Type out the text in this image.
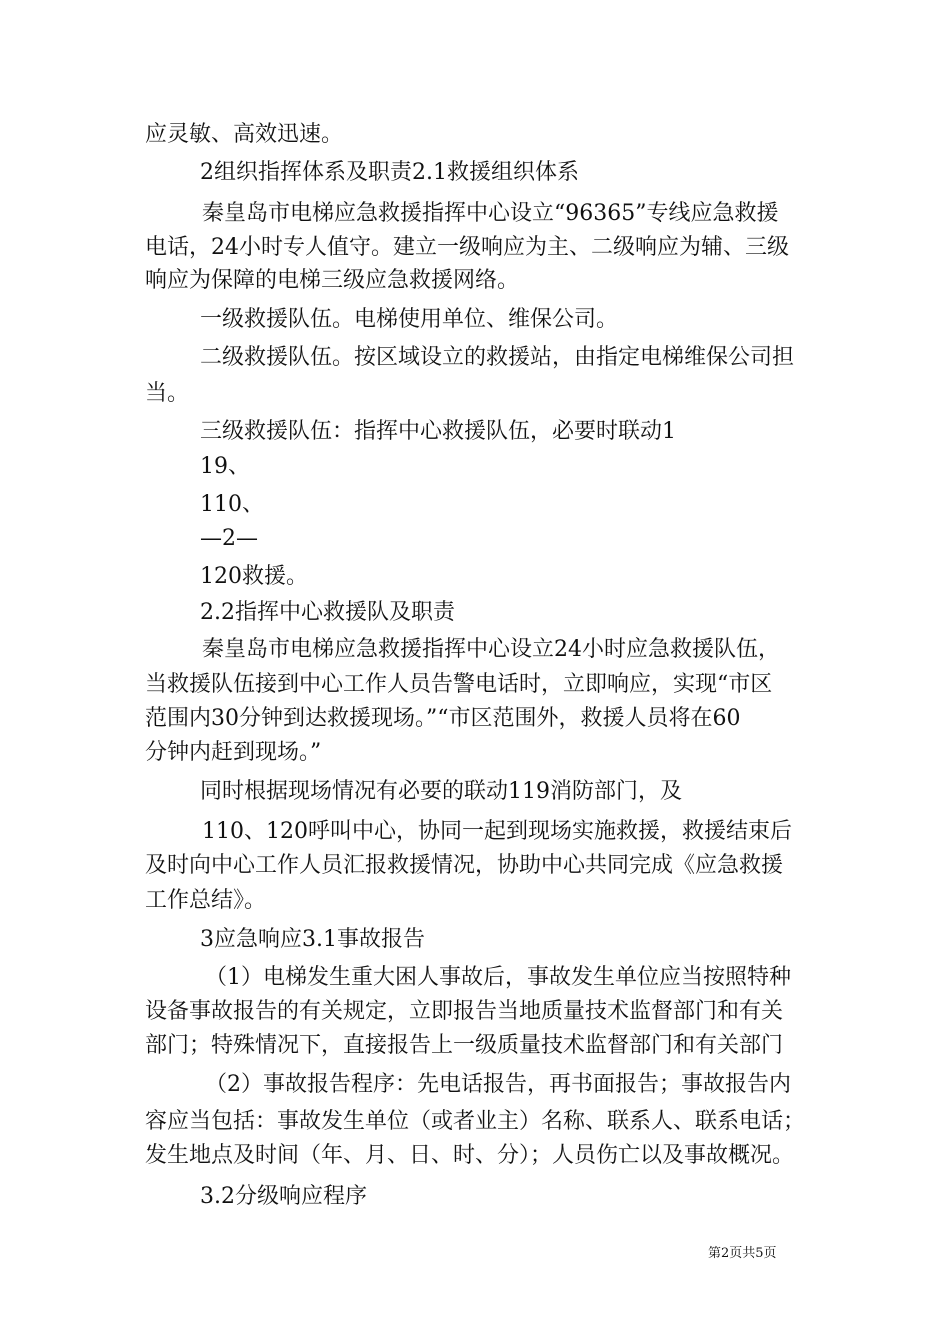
应灵敏、高效迅速。
2组织指挥体系及职责2.1救援组织体系
秦皇岛市电梯应急救援指挥中心设立“96365”专线应急救援
电话，24小时专人值守。建立一级响应为主、二级响应为辅、三级
响应为保障的电梯三级应急救援网络。
一级救援队伍。电梯使用单位、维保公司。
二级救援队伍。按区域设立的救援站，由指定电梯维保公司担
当。
三级救援队伍：指挥中心救援队伍，必要时联动1
19、
110、
—2—
120救援。
2.2指挥中心救援队及职责
秦皇岛市电梯应急救援指挥中心设立24小时应急救援队伍，
当救援队伍接到中心工作人员告警电话时，立即响应，实现“市区
范围内30分钟到达救援现场。”“市区范围外，救援人员将在60
分钟内赶到现场。”
同时根据现场情况有必要的联动119消防部门，及
110、120呼叫中心，协同一起到现场实施救援，救援结束后
及时向中心工作人员汇报救援情况，协助中心共同完成《应急救援
工作总结》。
3应急响应3.1事故报告
（1）电梯发生重大困人事故后，事故发生单位应当按照特种
设备事故报告的有关规定，立即报告当地质量技术监督部门和有关
部门；特殊情况下，直接报告上一级质量技术监督部门和有关部门
（2）事故报告程序：先电话报告，再书面报告；事故报告内
容应当包括：事故发生单位（或者业主）名称、联系人、联系电话；
发生地点及时间（年、月、日、时、分）；人员伤亡以及事故概况。
3.2分级响应程序
第2页共5页
